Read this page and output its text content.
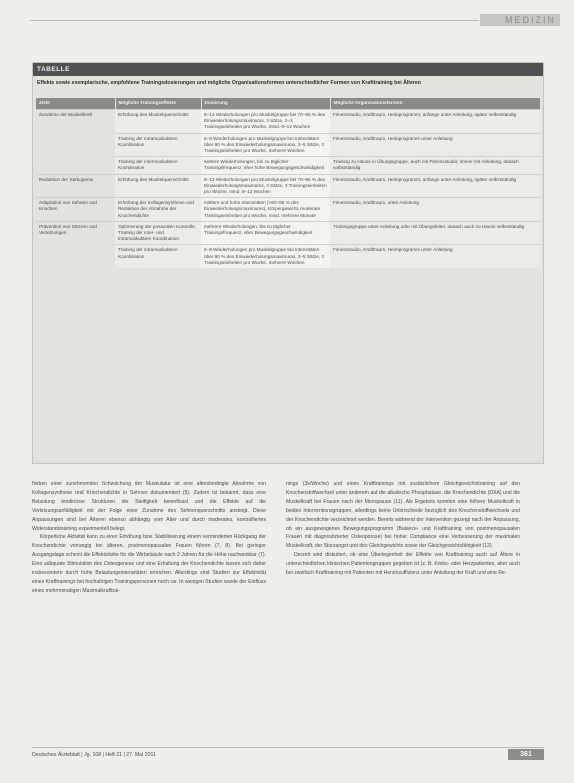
MEDIZIN
TABELLE
Effekte sowie exemplarische, empfohlene Trainingsdosierungen und mögliche Organisationsformen unterschiedlicher Formen von Krafttraining bei Älteren
Ziele	Mögliche Trainingseffekte	Dosierung	Mögliche Organisationsformen
Zunahme der Muskelkraft	Erhöhung des Muskelquerschnitts	8–12 Wiederholungen pro Muskelgruppe bei 70–85 % des Einwiederholungsmaximums, 3 Sätze, 2–3 Trainingseinheiten pro Woche, mind. 8–12 Wochen	Fitnessstudio, Krafttraum, Heimprogramm; anfangs unter Anleitung, später selbstständig
	Training der intramuskulären Koordination	6–8 Wiederholungen pro Muskelgruppe bei Intensitäten über 80 % des Einwiederholungsmaximums, 3–5 Sätze, 3 Trainingseinheiten pro Woche, mehrere Wochen	Fitnessstudio, Krafttraum, Heimprogramm unter Anleitung
	Training der intermuskulären Koordination	weitere Wiederholungen, bis zu täglicher Trainingsfrequenz, eher hohe Bewegungsgeschwindigkeit	Training zu Hause in Übungsgruppe, auch mit Fitnessstudio; immer mit Anleitung, danach selbstständig
Reduktion der Sarkopenie	Erhöhung des Muskelquerschnitts	8–12 Wiederholungen pro Muskelgruppe bei 70–85 % des Einwiederholungsmaximums, 3 Sätze, 3 Trainingseinheiten pro Woche, mind. 8–12 Wochen	Fitnessstudio, Krafttraum, Heimprogramm; anfangs unter Anleitung, später selbstständig
Adaptation von Sehnen und Knochen	Erhöhung der Kollagensynthese und Reduktion der Abnahme der Knochendichte	mittlere und hohe Intensitäten (>60–85 % des Einwiederholungsmaximums), Körpergewicht, moderate Trainingseinheiten pro Woche, mind. mehrere Monate	Fitnessstudio, Krafttraum, unter Anleitung
Prävention von Stürzen und Verletzungen	Optimierung der posturalen Kontrolle, Training der inter- und intramuskulären Koordination	mehrere Wiederholungen, bis zu täglicher Trainingsfrequenz, eher Bewegungsgeschwindigkeit	Trainingsgruppe unter Anleitung oder mit Übungsleiter, danach auch zu Hause selbstständig
	Training der intramuskulären Koordination	6–8 Wiederholungen pro Muskelgruppe bei Intensitäten über 80 % des Einwiederholungsmaximums, 3–5 Sätze, 3 Trainingseinheiten pro Woche, mehrere Wochen	Fitnessstudio, Krafttraum, Heimprogramm unter Anleitung

Neben einer zunehmenden Schwächung der Muskulatur ist eine altersbedingte Abnahme von Kollagensynthese und Knochendichte in Sehnen dokumentiert (5). Zudem ist bekannt, dass eine Belastung tendinöser Strukturen die Steifigkeit beeinflusst und die Effekte auf die Verletzungsanfälligkeit mit der Folge einer Zunahme des Sehnenquerschnitts ansteigt. Diese Anpassungen sind bei Älteren ebenso abhängig vom Alter und durch moderates, kontrolliertes Widerstandstraining experimentell belegt.

Körperliche Aktivität kann zu einer Erhöhung bzw. Stabilisierung einem verminderten Rückgang der Knochendichte vorrangig bei älteren, postmenopausalen Frauen führen (7, 8). Bei geringer Ausgangslage scheint die Effektstärke für die Wirbelsäule nach 2 Jahren für die Höhe nachweisbar (7). Eine adäquate Stimulation des Osteogenese und eine Erhaltung der Knochendichte lassen sich daher insbesondere durch hohe Belastungsintensitäten erreichen. Allerdings sind Studien zur Effektivität eines Krafttrainings bei hochaltrigen Trainingspersonen noch rar. In wenigen Studien wurde der Einfluss eines mehrmonatigen Maximalkrafttrai-

nings (3x/Woche) und eines Krafttrainings mit zusätzlichem Gleichgewichtstraining auf den Knochenstoffwechsel unter anderem auf die alkalische Phosphatase, die Knochendichte (DXA) und die Muskelkraft bei Frauen nach der Menopause (11). Als Ergebnis konnten eine höhere Muskelkraft in beiden Interventionsgruppen, allerdings keine Unterschiede bezüglich des Knochenstoffwechsels und der Knochendichte verzeichnet werden. Bereits während der Intervention gezeigt nach der Anpassung, ob ein ausgewogenes Bewegungsprogramm (Balance- und Krafttraining von postmenopausalen Frauen mit diagnostizierter Osteoporose) bei hoher Compliance eine Verbesserung der maximalen Muskelkraft, der Sturzangst und des Gleichgewichts sowie der Gleichgewichtsfähigkeit (12).

Derzeit wird diskutiert, ob eine Überlegenheit der Effekte von Krafttraining auch auf Ältere in unterschiedlichen klinischen Patientengruppen gegeben ist (z. B. Krebs- oder Herzpatienten, aber auch bei zweifach Krafttraining mit Patienten mit Herzinsuffizienz unter Anleitung der Kraft und eine Re-

Deutsches Ärzteblatt | Jg. 108 | Heft 21 | 27. Mai 2011	361
